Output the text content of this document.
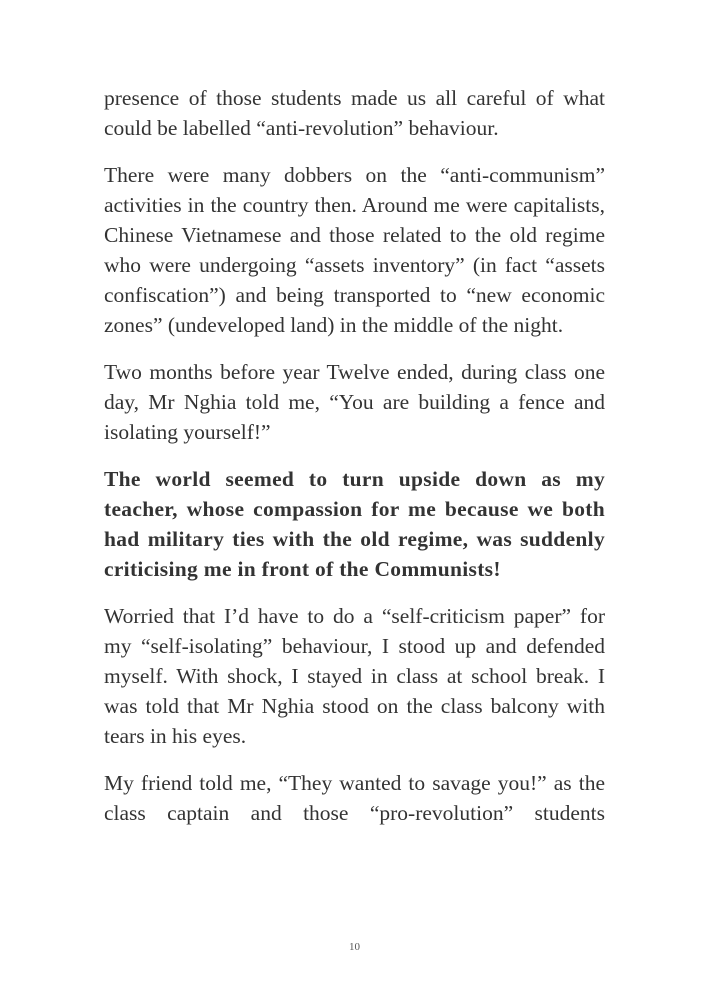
presence of those students made us all careful of what could be labelled “anti-revolution” behaviour.

There were many dobbers on the “anti-communism” activities in the country then. Around me were capitalists, Chinese Vietnamese and those related to the old regime who were undergoing “assets inventory” (in fact “assets confiscation”) and being transported to “new economic zones” (undeveloped land) in the middle of the night.

Two months before year Twelve ended, during class one day, Mr Nghia told me, “You are building a fence and isolating yourself!”

The world seemed to turn upside down as my teacher, whose compassion for me because we both had military ties with the old regime, was suddenly criticising me in front of the Communists!

Worried that I’d have to do a “self-criticism paper” for my “self-isolating” behaviour, I stood up and defended myself. With shock, I stayed in class at school break. I was told that Mr Nghia stood on the class balcony with tears in his eyes.

My friend told me, “They wanted to savage you!” as the class captain and those “pro-revolution” students

10
